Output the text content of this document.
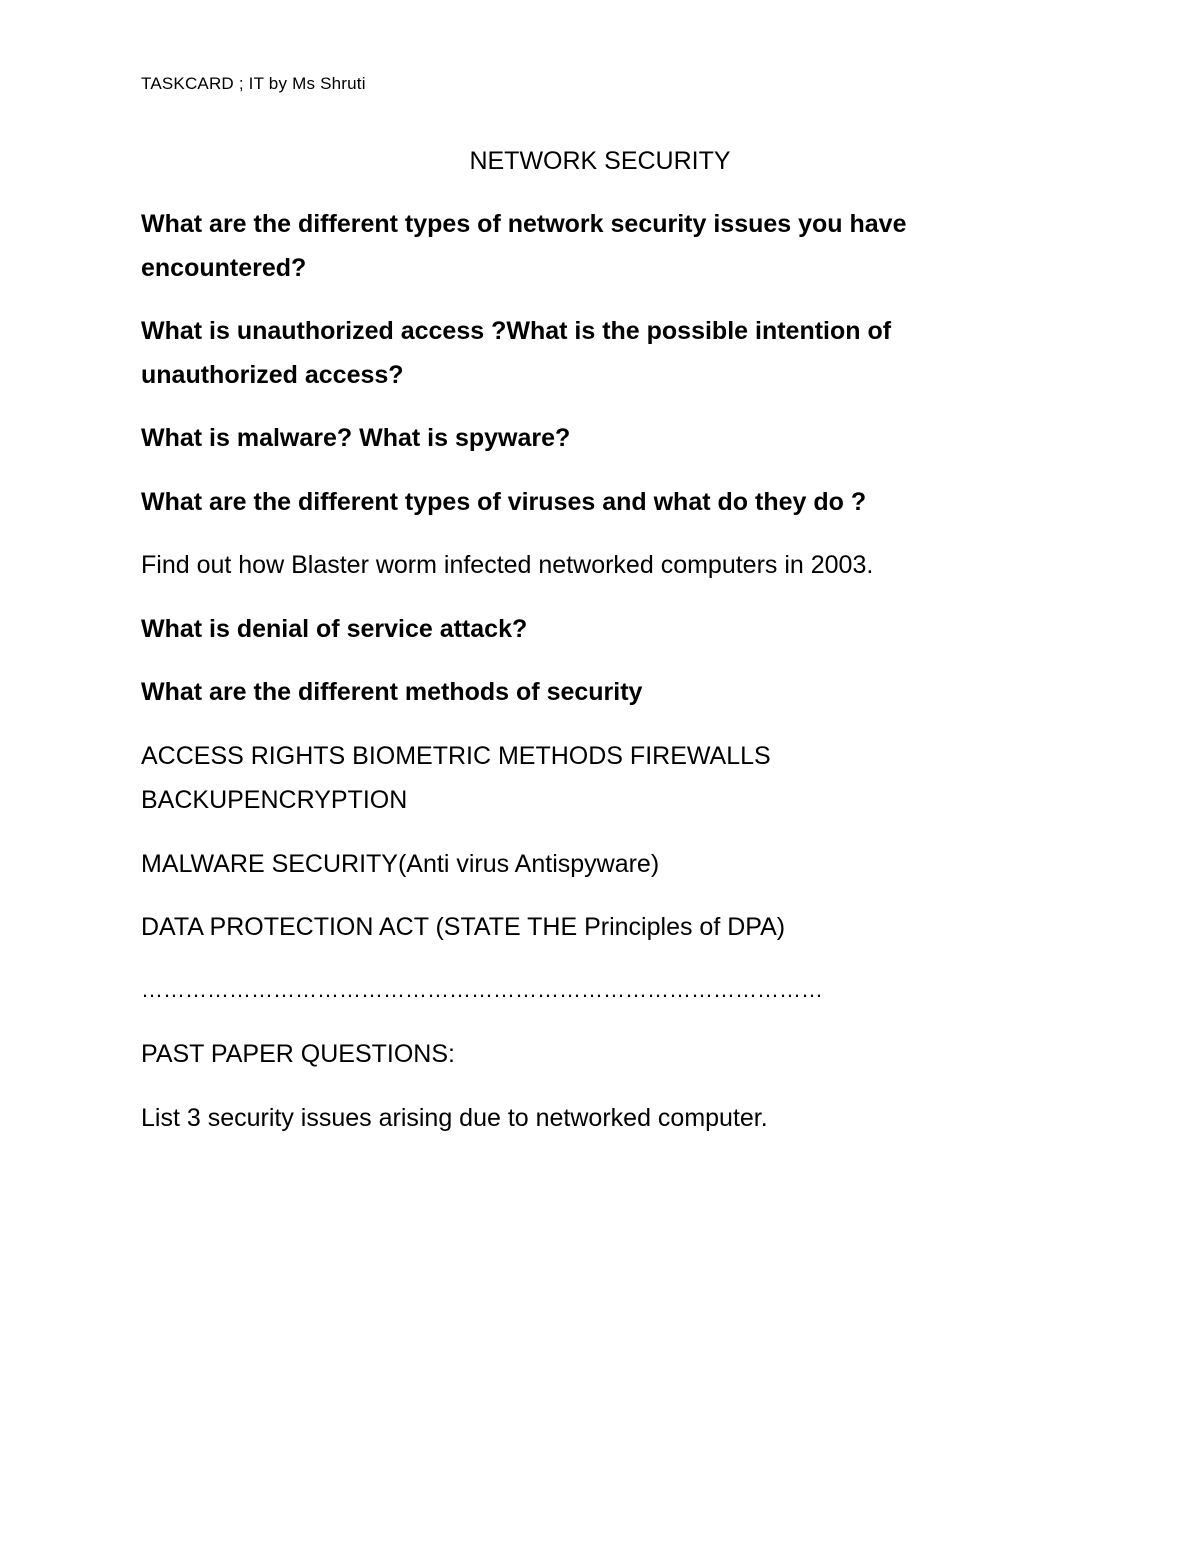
TASKCARD ; IT by Ms Shruti
NETWORK SECURITY
What are the different types of network security issues you have
encountered?
What is unauthorized access ?What is the possible intention of
unauthorized access?
What is malware? What is spyware?
What are the different types of viruses and what do they do ?
Find out how Blaster worm infected networked computers in 2003.
What is denial of service attack?
What are the different methods of security
ACCESS RIGHTS BIOMETRIC METHODS FIREWALLS
BACKUPENCRYPTION
MALWARE SECURITY(Anti virus Antispyware)
DATA PROTECTION ACT (STATE THE Principles of DPA)
…………………………………………………………………………………
PAST PAPER QUESTIONS:
List 3 security issues arising due to networked computer.
